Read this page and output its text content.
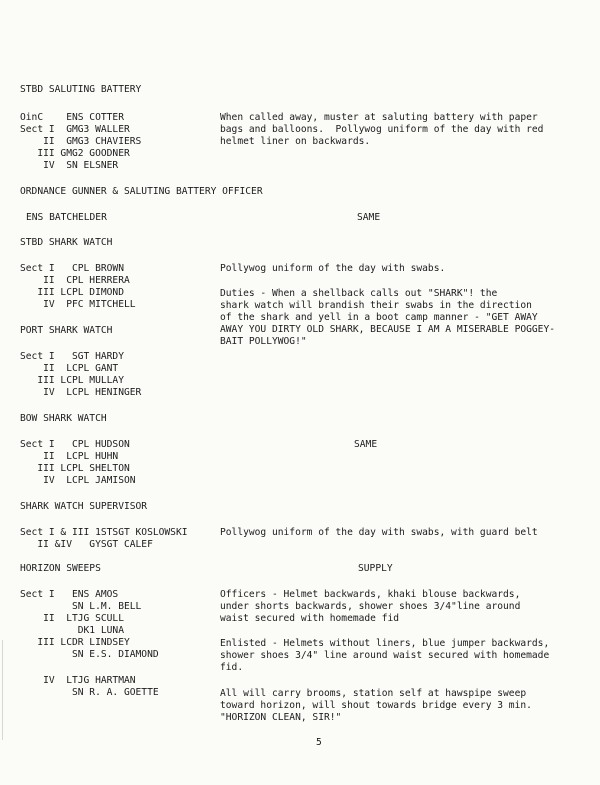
STBD SALUTING BATTERY
OinC    ENS COTTER
Sect I  GMG3 WALLER
II  GMG3 CHAVIERS
III GMG2 GOODNER
IV  SN ELSNER
When called away, muster at saluting battery with paper
bags and balloons.  Pollywog uniform of the day with red
helmet liner on backwards.
ORDNANCE GUNNER & SALUTING BATTERY OFFICER
ENS BATCHELDER	SAME
STBD SHARK WATCH
Sect I   CPL BROWN
II  CPL HERRERA
III LCPL DIMOND
IV  PFC MITCHELL
Pollywog uniform of the day with swabs.
Duties - When a shellback calls out "SHARK"! the
shark watch will brandish their swabs in the direction
of the shark and yell in a boot camp manner - "GET AWAY
AWAY YOU DIRTY OLD SHARK, BECAUSE I AM A MISERABLE POGGEY-
BAIT POLLYWOG!"
PORT SHARK WATCH
Sect I   SGT HARDY
II  LCPL GANT
III LCPL MULLAY
IV  LCPL HENINGER
BOW SHARK WATCH
Sect I   CPL HUDSON
II  LCPL HUHN
III LCPL SHELTON
IV  LCPL JAMISON
SAME
SHARK WATCH SUPERVISOR
Sect I & III 1STSGT KOSLOWSKI
II &IV   GYSGT CALEF
Pollywog uniform of the day with swabs, with guard belt
HORIZON SWEEPS	SUPPLY
Sect I   ENS AMOS
SN L.M. BELL
II  LTJG SCULL
DK1 LUNA
III LCDR LINDSEY
SN E.S. DIAMOND
IV  LTJG HARTMAN
SN R. A. GOETTE
Officers - Helmet backwards, khaki blouse backwards,
under shorts backwards, shower shoes 3/4"line around
waist secured with homemade fid
Enlisted - Helmets without liners, blue jumper backwards,
shower shoes 3/4" line around waist secured with homemade
fid.
All will carry brooms, station self at hawspipe sweep
toward horizon, will shout towards bridge every 3 min.
"HORIZON CLEAN, SIR!"
5
